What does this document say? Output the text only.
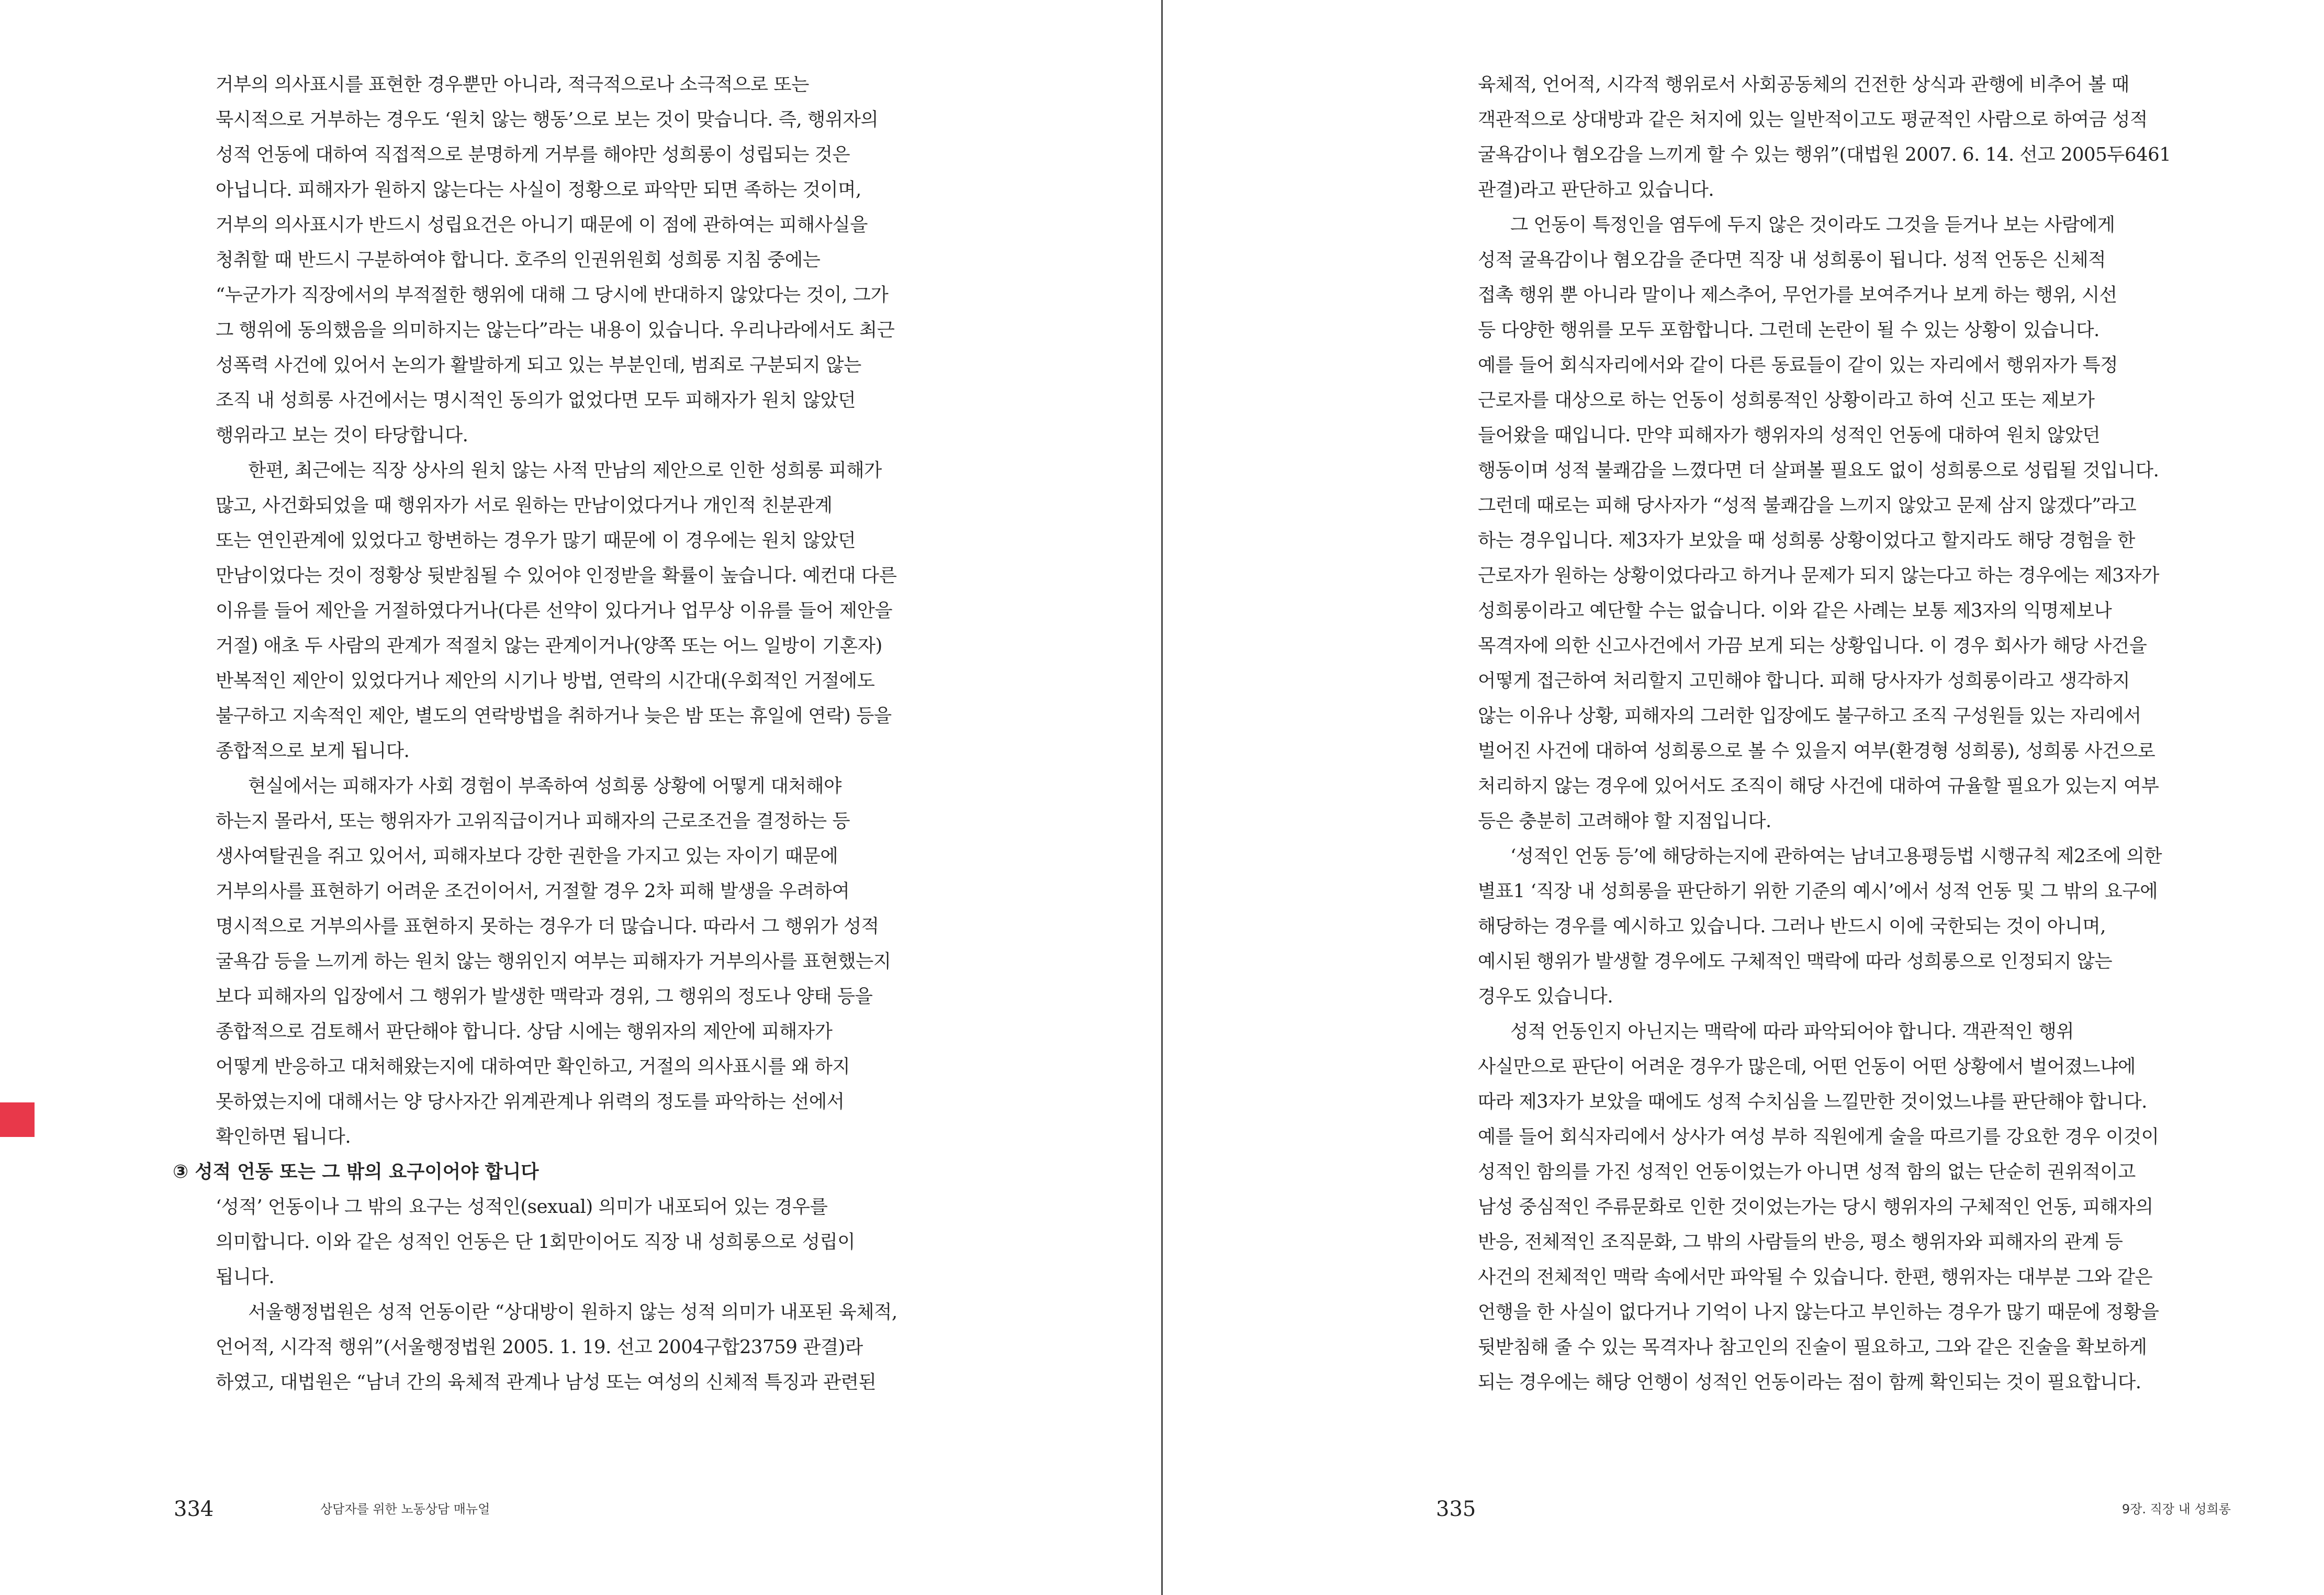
거부의 의사표시를 표현한 경우뿐만 아니라, 적극적으로나 소극적으로 또는
묵시적으로 거부하는 경우도 ‘원치 않는 행동’으로 보는 것이 맞습니다. 즉, 행위자의
성적 언동에 대하여 직접적으로 분명하게 거부를 해야만 성희롱이 성립되는 것은
아닙니다. 피해자가 원하지 않는다는 사실이 정황으로 파악만 되면 족하는 것이며,
거부의 의사표시가 반드시 성립요건은 아니기 때문에 이 점에 관하여는 피해사실을
청취할 때 반드시 구분하여야 합니다. 호주의 인권위원회 성희롱 지침 중에는
“누군가가 직장에서의 부적절한 행위에 대해 그 당시에 반대하지 않았다는 것이, 그가
그 행위에 동의했음을 의미하지는 않는다”라는 내용이 있습니다. 우리나라에서도 최근
성폭력 사건에 있어서 논의가 활발하게 되고 있는 부분인데, 범죄로 구분되지 않는
조직 내 성희롱 사건에서는 명시적인 동의가 없었다면 모두 피해자가 원치 않았던
행위라고 보는 것이 타당합니다.
한편, 최근에는 직장 상사의 원치 않는 사적 만남의 제안으로 인한 성희롱 피해가
많고, 사건화되었을 때 행위자가 서로 원하는 만남이었다거나 개인적 친분관계
또는 연인관계에 있었다고 항변하는 경우가 많기 때문에 이 경우에는 원치 않았던
만남이었다는 것이 정황상 뒷받침될 수 있어야 인정받을 확률이 높습니다. 예컨대 다른
이유를 들어 제안을 거절하였다거나(다른 선약이 있다거나 업무상 이유를 들어 제안을
거절) 애초 두 사람의 관계가 적절치 않는 관계이거나(양쪽 또는 어느 일방이 기혼자)
반복적인 제안이 있었다거나 제안의 시기나 방법, 연락의 시간대(우회적인 거절에도
불구하고 지속적인 제안, 별도의 연락방법을 취하거나 늦은 밤 또는 휴일에 연락) 등을
종합적으로 보게 됩니다.
현실에서는 피해자가 사회 경험이 부족하여 성희롱 상황에 어떻게 대처해야
하는지 몰라서, 또는 행위자가 고위직급이거나 피해자의 근로조건을 결정하는 등
생사여탈권을 쥐고 있어서, 피해자보다 강한 권한을 가지고 있는 자이기 때문에
거부의사를 표현하기 어려운 조건이어서, 거절할 경우 2차 피해 발생을 우려하여
명시적으로 거부의사를 표현하지 못하는 경우가 더 많습니다. 따라서 그 행위가 성적
굴욕감 등을 느끼게 하는 원치 않는 행위인지 여부는 피해자가 거부의사를 표현했는지
보다 피해자의 입장에서 그 행위가 발생한 맥락과 경위, 그 행위의 정도나 양태 등을
종합적으로 검토해서 판단해야 합니다. 상담 시에는 행위자의 제안에 피해자가
어떻게 반응하고 대처해왔는지에 대하여만 확인하고, 거절의 의사표시를 왜 하지
못하였는지에 대해서는 양 당사자간 위계관계나 위력의 정도를 파악하는 선에서
확인하면 됩니다.
③ 성적 언동 또는 그 밖의 요구이어야 합니다
‘성적’ 언동이나 그 밖의 요구는 성적인(sexual) 의미가 내포되어 있는 경우를
의미합니다. 이와 같은 성적인 언동은 단 1회만이어도 직장 내 성희롱으로 성립이
됩니다.
서울행정법원은 성적 언동이란 “상대방이 원하지 않는 성적 의미가 내포된 육체적,
언어적, 시각적 행위”(서울행정법원 2005. 1. 19. 선고 2004구합23759 관결)라
하였고, 대법원은 “남녀 간의 육체적 관계나 남성 또는 여성의 신체적 특징과 관련된
334	상담자를 위한 노동상담 매뉴얼
육체적, 언어적, 시각적 행위로서 사회공동체의 건전한 상식과 관행에 비추어 볼 때
객관적으로 상대방과 같은 처지에 있는 일반적이고도 평균적인 사람으로 하여금 성적
굴욕감이나 혐오감을 느끼게 할 수 있는 행위”(대법원 2007. 6. 14. 선고 2005두6461
관결)라고 판단하고 있습니다.
그 언동이 특정인을 염두에 두지 않은 것이라도 그것을 듣거나 보는 사람에게
성적 굴욕감이나 혐오감을 준다면 직장 내 성희롱이 됩니다. 성적 언동은 신체적
접촉 행위 뿐 아니라 말이나 제스추어, 무언가를 보여주거나 보게 하는 행위, 시선
등 다양한 행위를 모두 포함합니다. 그런데 논란이 될 수 있는 상황이 있습니다.
예를 들어 회식자리에서와 같이 다른 동료들이 같이 있는 자리에서 행위자가 특정
근로자를 대상으로 하는 언동이 성희롱적인 상황이라고 하여 신고 또는 제보가
들어왔을 때입니다. 만약 피해자가 행위자의 성적인 언동에 대하여 원치 않았던
행동이며 성적 불쾌감을 느꼈다면 더 살펴볼 필요도 없이 성희롱으로 성립될 것입니다.
그런데 때로는 피해 당사자가 “성적 불쾌감을 느끼지 않았고 문제 삼지 않겠다”라고
하는 경우입니다. 제3자가 보았을 때 성희롱 상황이었다고 할지라도 해당 경험을 한
근로자가 원하는 상황이었다라고 하거나 문제가 되지 않는다고 하는 경우에는 제3자가
성희롱이라고 예단할 수는 없습니다. 이와 같은 사례는 보통 제3자의 익명제보나
목격자에 의한 신고사건에서 가끔 보게 되는 상황입니다. 이 경우 회사가 해당 사건을
어떻게 접근하여 처리할지 고민해야 합니다. 피해 당사자가 성희롱이라고 생각하지
않는 이유나 상황, 피해자의 그러한 입장에도 불구하고 조직 구성원들 있는 자리에서
벌어진 사건에 대하여 성희롱으로 볼 수 있을지 여부(환경형 성희롱), 성희롱 사건으로
처리하지 않는 경우에 있어서도 조직이 해당 사건에 대하여 규율할 필요가 있는지 여부
등은 충분히 고려해야 할 지점입니다.
‘성적인 언동 등’에 해당하는지에 관하여는 남녀고용평등법 시행규칙 제2조에 의한
별표1 ‘직장 내 성희롱을 판단하기 위한 기준의 예시’에서 성적 언동 및 그 밖의 요구에
해당하는 경우를 예시하고 있습니다. 그러나 반드시 이에 국한되는 것이 아니며,
예시된 행위가 발생할 경우에도 구체적인 맥락에 따라 성희롱으로 인정되지 않는
경우도 있습니다.
성적 언동인지 아닌지는 맥락에 따라 파악되어야 합니다. 객관적인 행위
사실만으로 판단이 어려운 경우가 많은데, 어떤 언동이 어떤 상황에서 벌어졌느냐에
따라 제3자가 보았을 때에도 성적 수치심을 느낄만한 것이었느냐를 판단해야 합니다.
예를 들어 회식자리에서 상사가 여성 부하 직원에게 술을 따르기를 강요한 경우 이것이
성적인 함의를 가진 성적인 언동이었는가 아니면 성적 함의 없는 단순히 권위적이고
남성 중심적인 주류문화로 인한 것이었는가는 당시 행위자의 구체적인 언동, 피해자의
반응, 전체적인 조직문화, 그 밖의 사람들의 반응, 평소 행위자와 피해자의 관계 등
사건의 전체적인 맥락 속에서만 파악될 수 있습니다. 한편, 행위자는 대부분 그와 같은
언행을 한 사실이 없다거나 기억이 나지 않는다고 부인하는 경우가 많기 때문에 정황을
뒷받침해 줄 수 있는 목격자나 참고인의 진술이 필요하고, 그와 같은 진술을 확보하게
되는 경우에는 해당 언행이 성적인 언동이라는 점이 함께 확인되는 것이 필요합니다.
335	9장. 직장 내 성희롱
